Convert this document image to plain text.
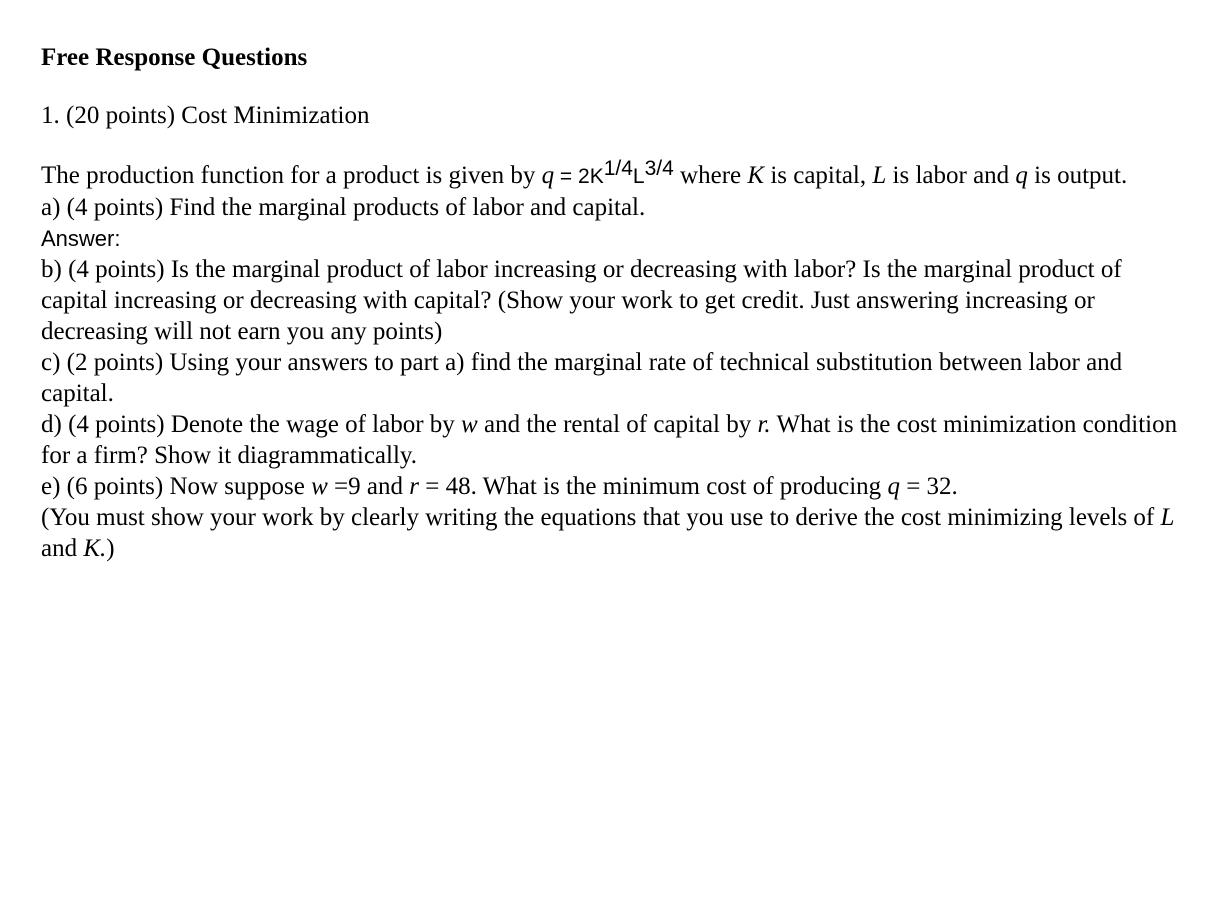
Free Response Questions

1. (20 points) Cost Minimization

The production function for a product is given by $q = 2K^{1/4}L^{3/4}$ where K is capital, L is labor and q is output.
a) (4 points) Find the marginal products of labor and capital.
Answer:
b) (4 points) Is the marginal product of labor increasing or decreasing with labor? Is the marginal product of capital increasing or decreasing with capital? (Show your work to get credit. Just answering increasing or decreasing will not earn you any points)
c) (2 points) Using your answers to part a) find the marginal rate of technical substitution between labor and capital.
d) (4 points) Denote the wage of labor by w and the rental of capital by r. What is the cost minimization condition for a firm? Show it diagrammatically.
e) (6 points) Now suppose w =9 and r = 48. What is the minimum cost of producing q = 32.
(You must show your work by clearly writing the equations that you use to derive the cost minimizing levels of L and K.)
